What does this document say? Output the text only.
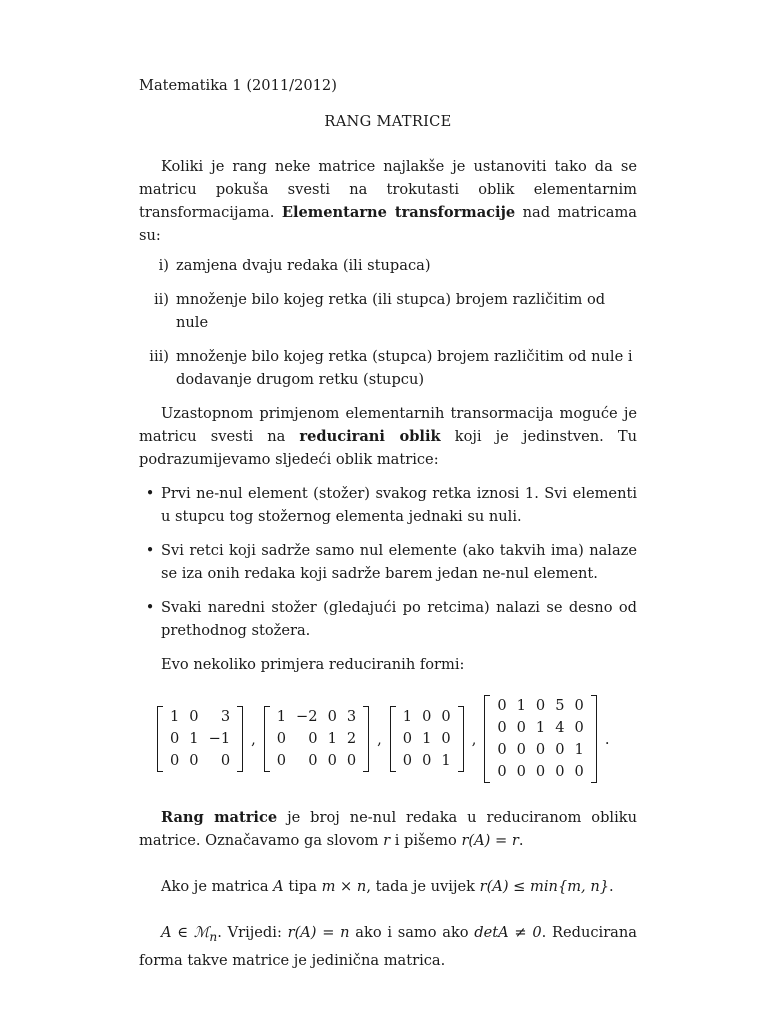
Matematika 1 (2011/2012)
RANG MATRICE

Koliki je rang neke matrice najlakše je ustanoviti tako da se matricu pokuša svesti na trokutasti oblik elementarnim transformacijama. Elementarne transformacije nad matricama su:

i) zamjena dvaju redaka (ili stupaca)
ii) množenje bilo kojeg retka (ili stupca) brojem različitim od nule
iii) množenje bilo kojeg retka (stupca) brojem različitim od nule i dodavanje drugom retku (stupcu)

Uzastopnom primjenom elementarnih transormacija moguće je matricu svesti na reducirani oblik koji je jedinstven. Tu podrazumijevamo sljedeći oblik matrice:

• Prvi ne-nul element (stožer) svakog retka iznosi 1. Svi elementi u stupcu tog stožernog elementa jednaki su nuli.
• Svi retci koji sadrže samo nul elemente (ako takvih ima) nalaze se iza onih redaka koji sadrže barem jedan ne-nul element.
• Svaki naredni stožer (gledajući po retcima) nalazi se desno od prethodnog stožera.

Evo nekoliko primjera reduciranih formi:

1	0	3
0	1	−1
0	0	0
,
1	−2	0	3
0	0	1	2
0	0	0	0
,
1	0	0
0	1	0
0	0	1
,
0	1	0	5	0
0	0	1	4	0
0	0	0	0	1
0	0	0	0	0
.

Rang matrice je broj ne-nul redaka u reduciranom obliku matrice. Označavamo ga slovom r i pišemo r(A) = r.

Ako je matrica A tipa m × n, tada je uvijek r(A) ≤ min{m, n}.

A ∈ ℳ$_n$. Vrijedi: r(A) = n ako i samo ako detA ≠ 0. Reducirana forma takve matrice je jedinična matrica.
